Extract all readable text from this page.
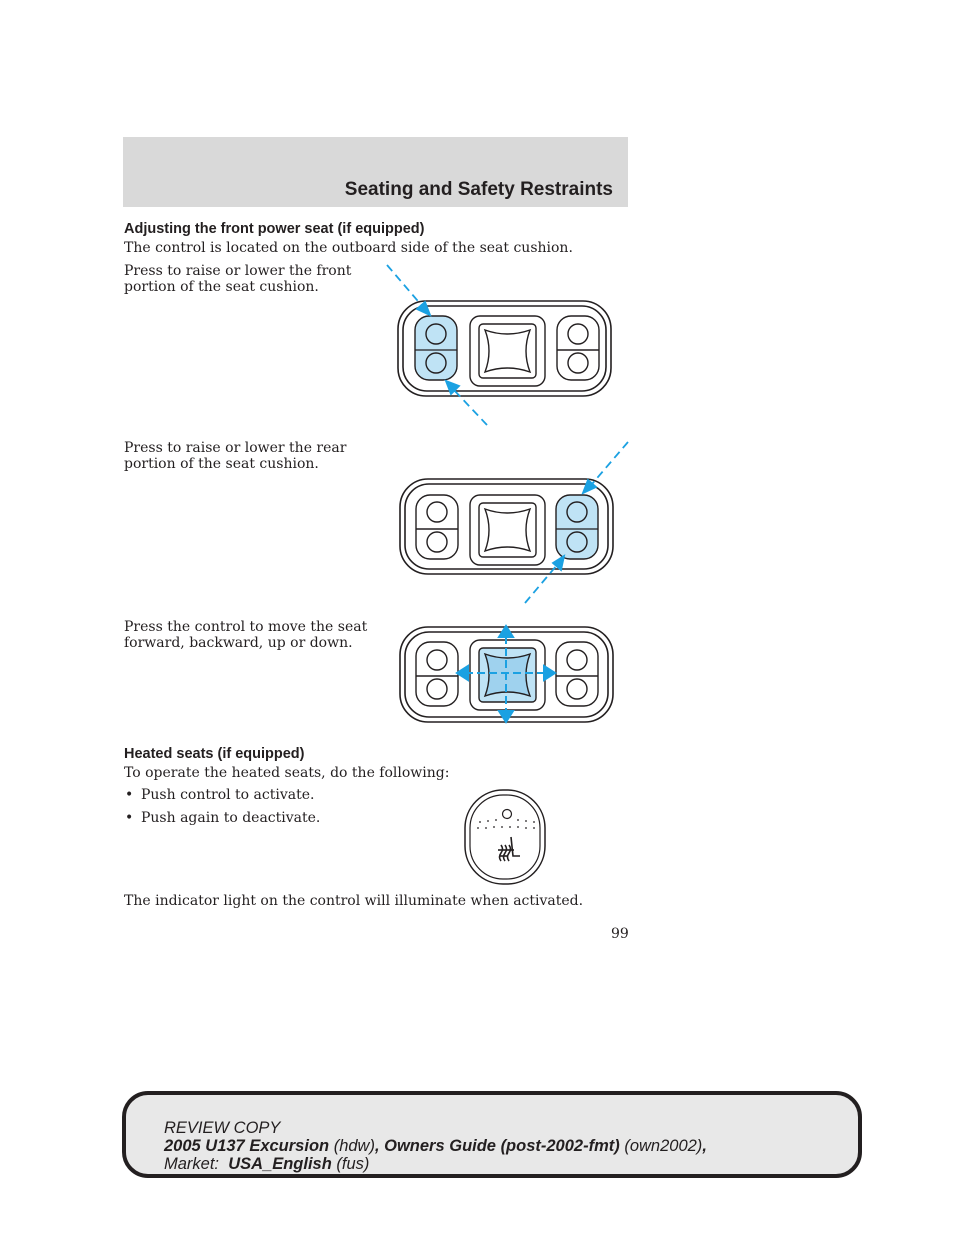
Seating and Safety Restraints
Adjusting the front power seat (if equipped)
The control is located on the outboard side of the seat cushion.
Press to raise or lower the front
portion of the seat cushion.
Press to raise or lower the rear
portion of the seat cushion.
Press the control to move the seat
forward, backward, up or down.
Heated seats (if equipped)
To operate the heated seats, do the following:
• Push control to activate.
• Push again to deactivate.
The indicator light on the control will illuminate when activated.
99
REVIEW COPY
2005 U137 Excursion (hdw), Owners Guide (post-2002-fmt) (own2002),
Market:  USA_English (fus)
